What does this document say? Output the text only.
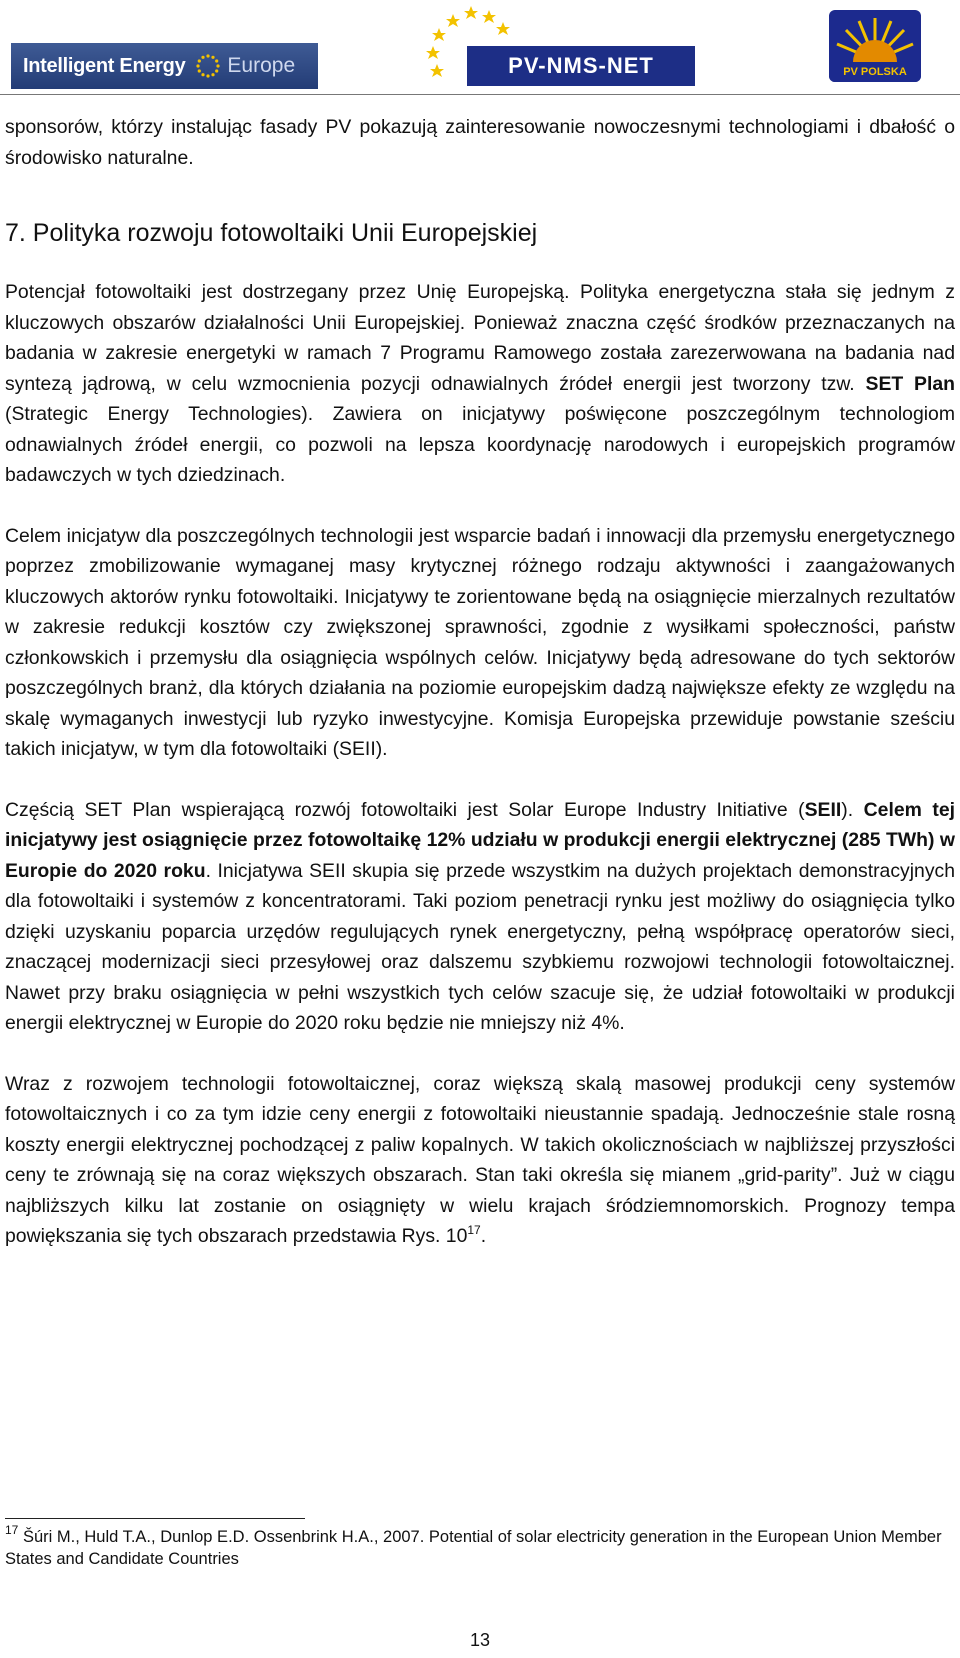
Intelligent Energy Europe	PV-NMS-NET	PV POLSKA

sponsorów, którzy instalując fasady PV pokazują zainteresowanie nowoczesnymi technologiami i dbałość o środowisko naturalne.

7. Polityka rozwoju fotowoltaiki Unii Europejskiej

Potencjał fotowoltaiki jest dostrzegany przez Unię Europejską. Polityka energetyczna stała się jednym z kluczowych obszarów działalności Unii Europejskiej. Ponieważ znaczna część środków przeznaczanych na badania w zakresie energetyki w ramach 7 Programu Ramowego została zarezerwowana na badania nad syntezą jądrową, w celu wzmocnienia pozycji odnawialnych źródeł energii jest tworzony tzw. SET Plan (Strategic Energy Technologies). Zawiera on inicjatywy poświęcone poszczególnym technologiom odnawialnych źródeł energii, co pozwoli na lepsza koordynację narodowych i europejskich programów badawczych w tych dziedzinach.

Celem inicjatyw dla poszczególnych technologii jest wsparcie badań i innowacji dla przemysłu energetycznego poprzez zmobilizowanie wymaganej masy krytycznej różnego rodzaju aktywności i zaangażowanych kluczowych aktorów rynku fotowoltaiki. Inicjatywy te zorientowane będą na osiągnięcie mierzalnych rezultatów w zakresie redukcji kosztów czy zwiększonej sprawności, zgodnie z wysiłkami społeczności, państw członkowskich i przemysłu dla osiągnięcia wspólnych celów. Inicjatywy będą adresowane do tych sektorów poszczególnych branż, dla których działania na poziomie europejskim dadzą największe efekty ze względu na skalę wymaganych inwestycji lub ryzyko inwestycyjne. Komisja Europejska przewiduje powstanie sześciu takich inicjatyw, w tym dla fotowoltaiki (SEII).

Częścią SET Plan wspierającą rozwój fotowoltaiki jest Solar Europe Industry Initiative (SEII). Celem tej inicjatywy jest osiągnięcie przez fotowoltaikę 12% udziału w produkcji energii elektrycznej (285 TWh) w Europie do 2020 roku. Inicjatywa SEII skupia się przede wszystkim na dużych projektach demonstracyjnych dla fotowoltaiki i systemów z koncentratorami. Taki poziom penetracji rynku jest możliwy do osiągnięcia tylko dzięki uzyskaniu poparcia urzędów regulujących rynek energetyczny, pełną współpracę operatorów sieci, znaczącej modernizacji sieci przesyłowej oraz dalszemu szybkiemu rozwojowi technologii fotowoltaicznej. Nawet przy braku osiągnięcia w pełni wszystkich tych celów szacuje się, że udział fotowoltaiki w produkcji energii elektrycznej w Europie do 2020 roku będzie nie mniejszy niż 4%.

Wraz z rozwojem technologii fotowoltaicznej, coraz większą skalą masowej produkcji ceny systemów fotowoltaicznych i co za tym idzie ceny energii z fotowoltaiki nieustannie spadają. Jednocześnie stale rosną koszty energii elektrycznej pochodzącej z paliw kopalnych. W takich okolicznościach w najbliższej przyszłości ceny te zrównają się na coraz większych obszarach. Stan taki określa się mianem „grid-parity”. Już w ciągu najbliższych kilku lat zostanie on osiągnięty w wielu krajach śródziemnomorskich. Prognozy tempa powiększania się tych obszarach przedstawia Rys. $10^{17}$.

$^{17}$ Šúri M., Huld T.A., Dunlop E.D. Ossenbrink H.A., 2007. Potential of solar electricity generation in the European Union Member States and Candidate Countries
13
